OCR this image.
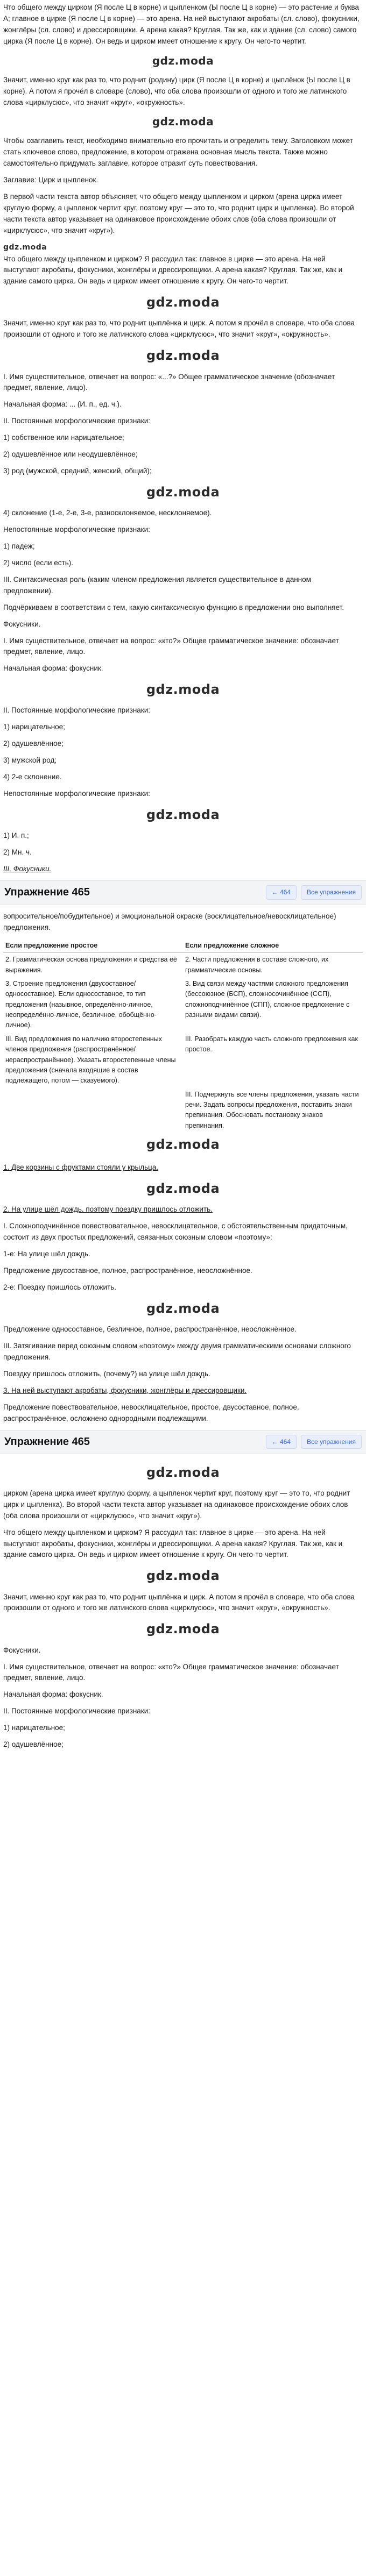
Что общего между цирком (Я после Ц в корне) и цыпленком (Ы после Ц в корне) — это растение и буква А; главное в цирке (Я после Ц в корне) — это арена. На ней выступают акробаты (сл. слово), фокусники, жонглёры (сл. слово) и дрессировщики. А арена какая? Круглая. Так же, как и здание (сл. слово) самого цирка (Я после Ц в корне). Он ведь и цирком имеет отношение к кругу. Он чего-то чертит.

gdz.moda

Значит, именно круг как раз то, что роднит (родину) цирк (Я после Ц в корне) и цыплёнок (Ы после Ц в корне). А потом я прочёл в словаре (слово), что оба слова произошли от одного и того же латинского слова «цирклусюс», что значит «круг», «окружность».

gdz.moda

Чтобы озаглавить текст, необходимо внимательно его прочитать и определить тему. Заголовком может стать ключевое слово, предложение, в котором отражена основная мысль текста. Также можно самостоятельно придумать заглавие, которое отразит суть повествования.

Заглавие: Цирк и цыпленок.

В первой части текста автор объясняет, что общего между цыпленком и цирком (арена цирка имеет круглую форму, а цыпленок чертит круг, поэтому круг — это то, что роднит цирк и цыпленка). Во второй части текста автор указывает на одинаковое происхождение обоих слов (оба слова произошли от «цирклусюс», что значит «круг»).

gdz.moda

Что общего между цыпленком и цирком? Я рассудил так: главное в цирке — это арена. На ней выступают акробаты, фокусники, жонглёры и дрессировщики. А арена какая? Круглая. Так же, как и здание самого цирка. Он ведь и цирком имеет отношение к кругу. Он чего-то чертит.

gdz.moda

Значит, именно круг как раз то, что роднит цыплёнка и цирк. А потом я прочёл в словаре, что оба слова произошли от одного и того же латинского слова «цирклусюс», что значит «круг», «окружность».

gdz.moda

I. Имя существительное, отвечает на вопрос: «...?» Общее грамматическое значение (обозначает предмет, явление, лицо).

Начальная форма: ... (И. п., ед. ч.).

II. Постоянные морфологические признаки:

1) собственное или нарицательное;

2) одушевлённое или неодушевлённое;

3) род (мужской, средний, женский, общий);

gdz.moda

4) склонение (1-е, 2-е, 3-е, разносклоняемое, несклоняемое).

Непостоянные морфологические признаки:

1) падеж;

2) число (если есть).

III. Синтаксическая роль (каким членом предложения является существительное в данном предложении).

Подчёркиваем в соответствии с тем, какую синтаксическую функцию в предложении оно выполняет.

Фокусники.

I. Имя существительное, отвечает на вопрос: «кто?» Общее грамматическое значение: обозначает предмет, явление, лицо.

Начальная форма: фокусник.

gdz.moda

II. Постоянные морфологические признаки:

1) нарицательное;

2) одушевлённое;

3) мужской род;

4) 2-е склонение.

Непостоянные морфологические признаки:

gdz.moda

1) И. п.;

2) Мн. ч.

III. Фокусники.

Упражнение 465	← 464	Все упражнения

вопросительное/побудительное) и эмоциональной окраске (восклицательное/невосклицательное) предложения.

Если предложение простое	Если предложение сложное
2. Грамматическая основа предложения и средства её выражения.	2. Части предложения в составе сложного, их грамматические основы.
3. Строение предложения (двусоставное/односоставное). Если односоставное, то тип предложения (назывное, определённо-личное, неопределённо-личное, безличное, обобщённо-личное).	3. Вид связи между частями сложного предложения (бессоюзное (БСП), сложносочинённое (ССП), сложноподчинённое (СПП), сложное предложение с разными видами связи).
III. Вид предложения по наличию второстепенных членов предложения (распространённое/ нераспространённое). Указать второстепенные члены предложения (сначала входящие в состав подлежащего, потом — сказуемого).	III. Разобрать каждую часть сложного предложения как простое.
	III. Подчеркнуть все члены предложения, указать части речи. Задать вопросы предложения, поставить знаки препинания. Обосновать постановку знаков препинания.
gdz.moda

1. Две корзины с фруктами стояли у крыльца.

gdz.moda

2. На улице шёл дождь, поэтому поездку пришлось отложить.

I. Сложноподчинённое повествовательное, невосклицательное, с обстоятельственным придаточным, состоит из двух простых предложений, связанных союзным словом «поэтому»:

1-е: На улице шёл дождь.

Предложение двусоставное, полное, распространённое, неосложнённое.

2-е: Поездку пришлось отложить.

gdz.moda

Предложение односоставное, безличное, полное, распространённое, неосложнённое.

III. Затягивание перед союзным словом «поэтому» между двумя грамматическими основами сложного предложения.

Поездку пришлось отложить, (почему?) на улице шёл дождь.

3. На ней выступают акробаты, фокусники, жонглёры и дрессировщики.

Предложение повествовательное, невосклицательное, простое, двусоставное, полное, распространённое, осложнено однородными подлежащими.

Упражнение 465	← 464	Все упражнения
gdz.moda

цирком (арена цирка имеет круглую форму, а цыпленок чертит круг, поэтому круг — это то, что роднит цирк и цыпленка). Во второй части текста автор указывает на одинаковое происхождение обоих слов (оба слова произошли от «цирклусюс», что значит «круг»).

Что общего между цыпленком и цирком? Я рассудил так: главное в цирке — это арена. На ней выступают акробаты, фокусники, жонглёры и дрессировщики. А арена какая? Круглая. Так же, как и здание самого цирка. Он ведь и цирком имеет отношение к кругу. Он чего-то чертит.

gdz.moda

Значит, именно круг как раз то, что роднит цыплёнка и цирк. А потом я прочёл в словаре, что оба слова произошли от одного и того же латинского слова «цирклусюс», что значит «круг», «окружность».

gdz.moda

Фокусники.

I. Имя существительное, отвечает на вопрос: «кто?» Общее грамматическое значение: обозначает предмет, явление, лицо.

Начальная форма: фокусник.

II. Постоянные морфологические признаки:

1) нарицательное;

2) одушевлённое;
